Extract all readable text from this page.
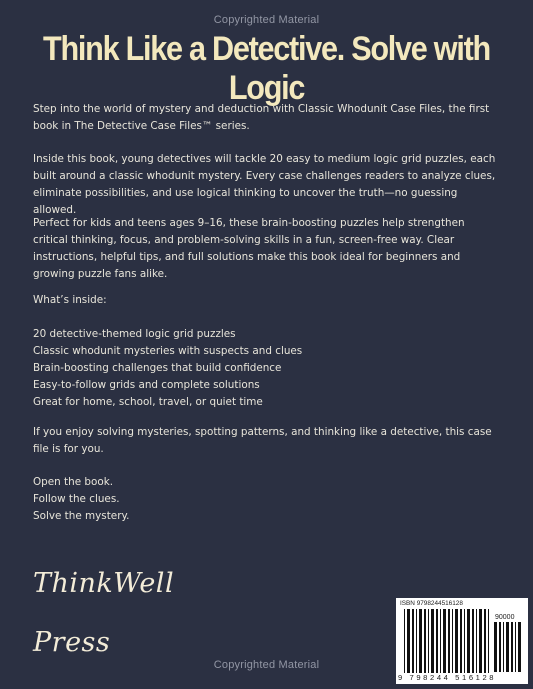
Copyrighted Material
Think Like a Detective. Solve with Logic

Step into the world of mystery and deduction with Classic Whodunit Case Files, the first book in The Detective Case Files™ series.

Inside this book, young detectives will tackle 20 easy to medium logic grid puzzles, each built around a classic whodunit mystery. Every case challenges readers to analyze clues, eliminate possibilities, and use logical thinking to uncover the truth—no guessing allowed.

Perfect for kids and teens ages 9–16, these brain-boosting puzzles help strengthen critical thinking, focus, and problem-solving skills in a fun, screen-free way. Clear instructions, helpful tips, and full solutions make this book ideal for beginners and growing puzzle fans alike.

What’s inside:

20 detective-themed logic grid puzzles
Classic whodunit mysteries with suspects and clues
Brain-boosting challenges that build confidence
Easy-to-follow grids and complete solutions
Great for home, school, travel, or quiet time

If you enjoy solving mysteries, spotting patterns, and thinking like a detective, this case file is for you.

Open the book.
Follow the clues.
Solve the mystery.
ThinkWell
Press
ISBN 9798244516128
90000
9 798244 516128
Copyrighted Material
